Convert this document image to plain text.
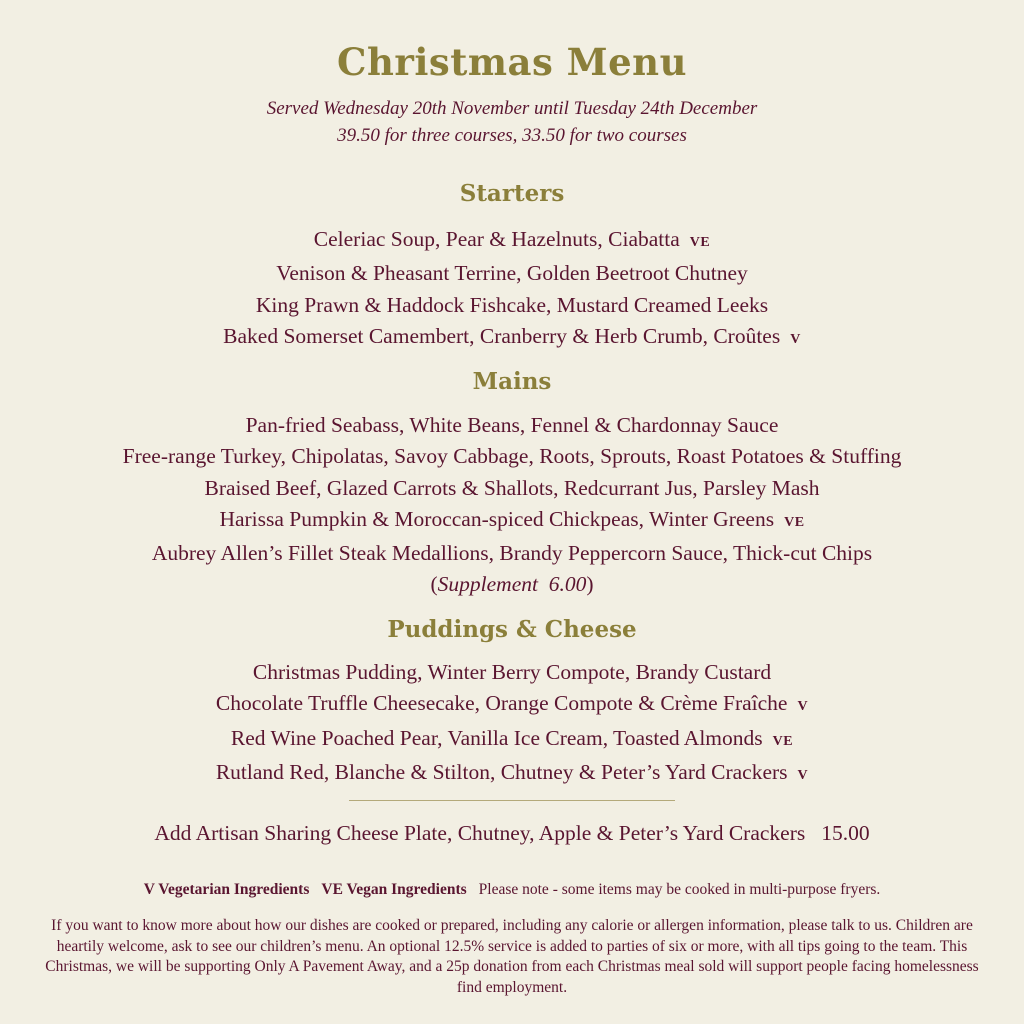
Christmas Menu
Served Wednesday 20th November until Tuesday 24th December
39.50 for three courses, 33.50 for two courses
Starters
Celeriac Soup, Pear & Hazelnuts, Ciabatta VE
Venison & Pheasant Terrine, Golden Beetroot Chutney
King Prawn & Haddock Fishcake, Mustard Creamed Leeks
Baked Somerset Camembert, Cranberry & Herb Crumb, Croûtes V
Mains
Pan-fried Seabass, White Beans, Fennel & Chardonnay Sauce
Free-range Turkey, Chipolatas, Savoy Cabbage, Roots, Sprouts, Roast Potatoes & Stuffing
Braised Beef, Glazed Carrots & Shallots, Redcurrant Jus, Parsley Mash
Harissa Pumpkin & Moroccan-spiced Chickpeas, Winter Greens VE
Aubrey Allen’s Fillet Steak Medallions, Brandy Peppercorn Sauce, Thick-cut Chips
(Supplement 6.00)
Puddings & Cheese
Christmas Pudding, Winter Berry Compote, Brandy Custard
Chocolate Truffle Cheesecake, Orange Compote & Crème Fraîche V
Red Wine Poached Pear, Vanilla Ice Cream, Toasted Almonds VE
Rutland Red, Blanche & Stilton, Chutney & Peter’s Yard Crackers V
Add Artisan Sharing Cheese Plate, Chutney, Apple & Peter’s Yard Crackers 15.00
V Vegetarian Ingredients VE Vegan Ingredients Please note - some items may be cooked in multi-purpose fryers.
If you want to know more about how our dishes are cooked or prepared, including any calorie or allergen information, please talk to us. Children are heartily welcome, ask to see our children’s menu. An optional 12.5% service is added to parties of six or more, with all tips going to the team. This Christmas, we will be supporting Only A Pavement Away, and a 25p donation from each Christmas meal sold will support people facing homelessness find employment.
